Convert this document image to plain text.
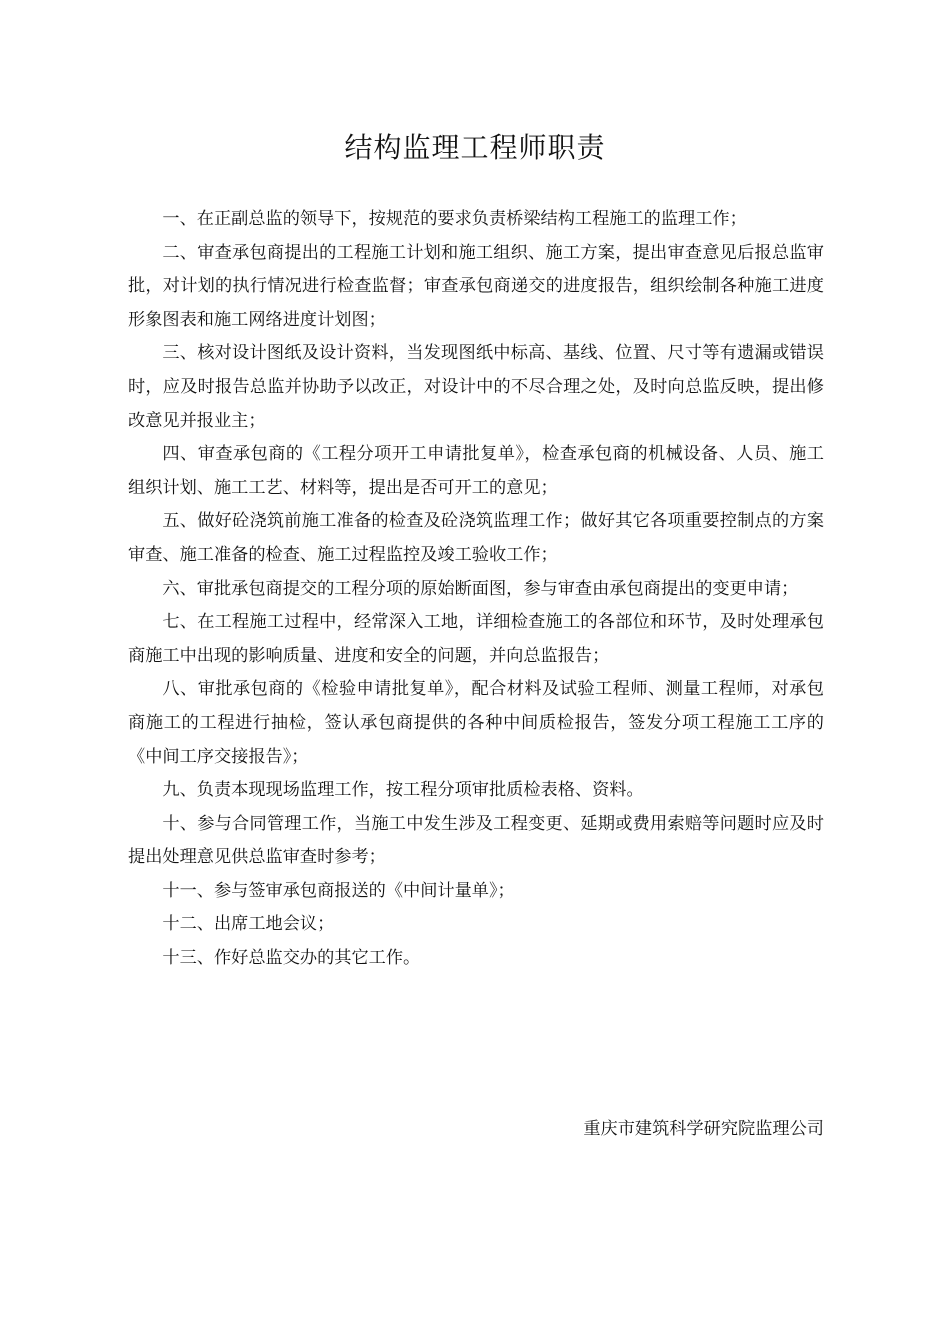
结构监理工程师职责

一、在正副总监的领导下，按规范的要求负责桥梁结构工程施工的监理工作；

二、审查承包商提出的工程施工计划和施工组织、施工方案，提出审查意见后报总监审批，对计划的执行情况进行检查监督；审查承包商递交的进度报告，组织绘制各种施工进度形象图表和施工网络进度计划图；

三、核对设计图纸及设计资料，当发现图纸中标高、基线、位置、尺寸等有遗漏或错误时，应及时报告总监并协助予以改正，对设计中的不尽合理之处，及时向总监反映，提出修改意见并报业主；

四、审查承包商的《工程分项开工申请批复单》，检查承包商的机械设备、人员、施工组织计划、施工工艺、材料等，提出是否可开工的意见；

五、做好砼浇筑前施工准备的检查及砼浇筑监理工作；做好其它各项重要控制点的方案审查、施工准备的检查、施工过程监控及竣工验收工作；

六、审批承包商提交的工程分项的原始断面图，参与审查由承包商提出的变更申请；

七、在工程施工过程中，经常深入工地，详细检查施工的各部位和环节，及时处理承包商施工中出现的影响质量、进度和安全的问题，并向总监报告；

八、审批承包商的《检验申请批复单》，配合材料及试验工程师、测量工程师，对承包商施工的工程进行抽检，签认承包商提供的各种中间质检报告，签发分项工程施工工序的《中间工序交接报告》；

九、负责本现现场监理工作，按工程分项审批质检表格、资料。

十、参与合同管理工作，当施工中发生涉及工程变更、延期或费用索赔等问题时应及时提出处理意见供总监审查时参考；

十一、参与签审承包商报送的《中间计量单》；

十二、出席工地会议；

十三、作好总监交办的其它工作。

重庆市建筑科学研究院监理公司
